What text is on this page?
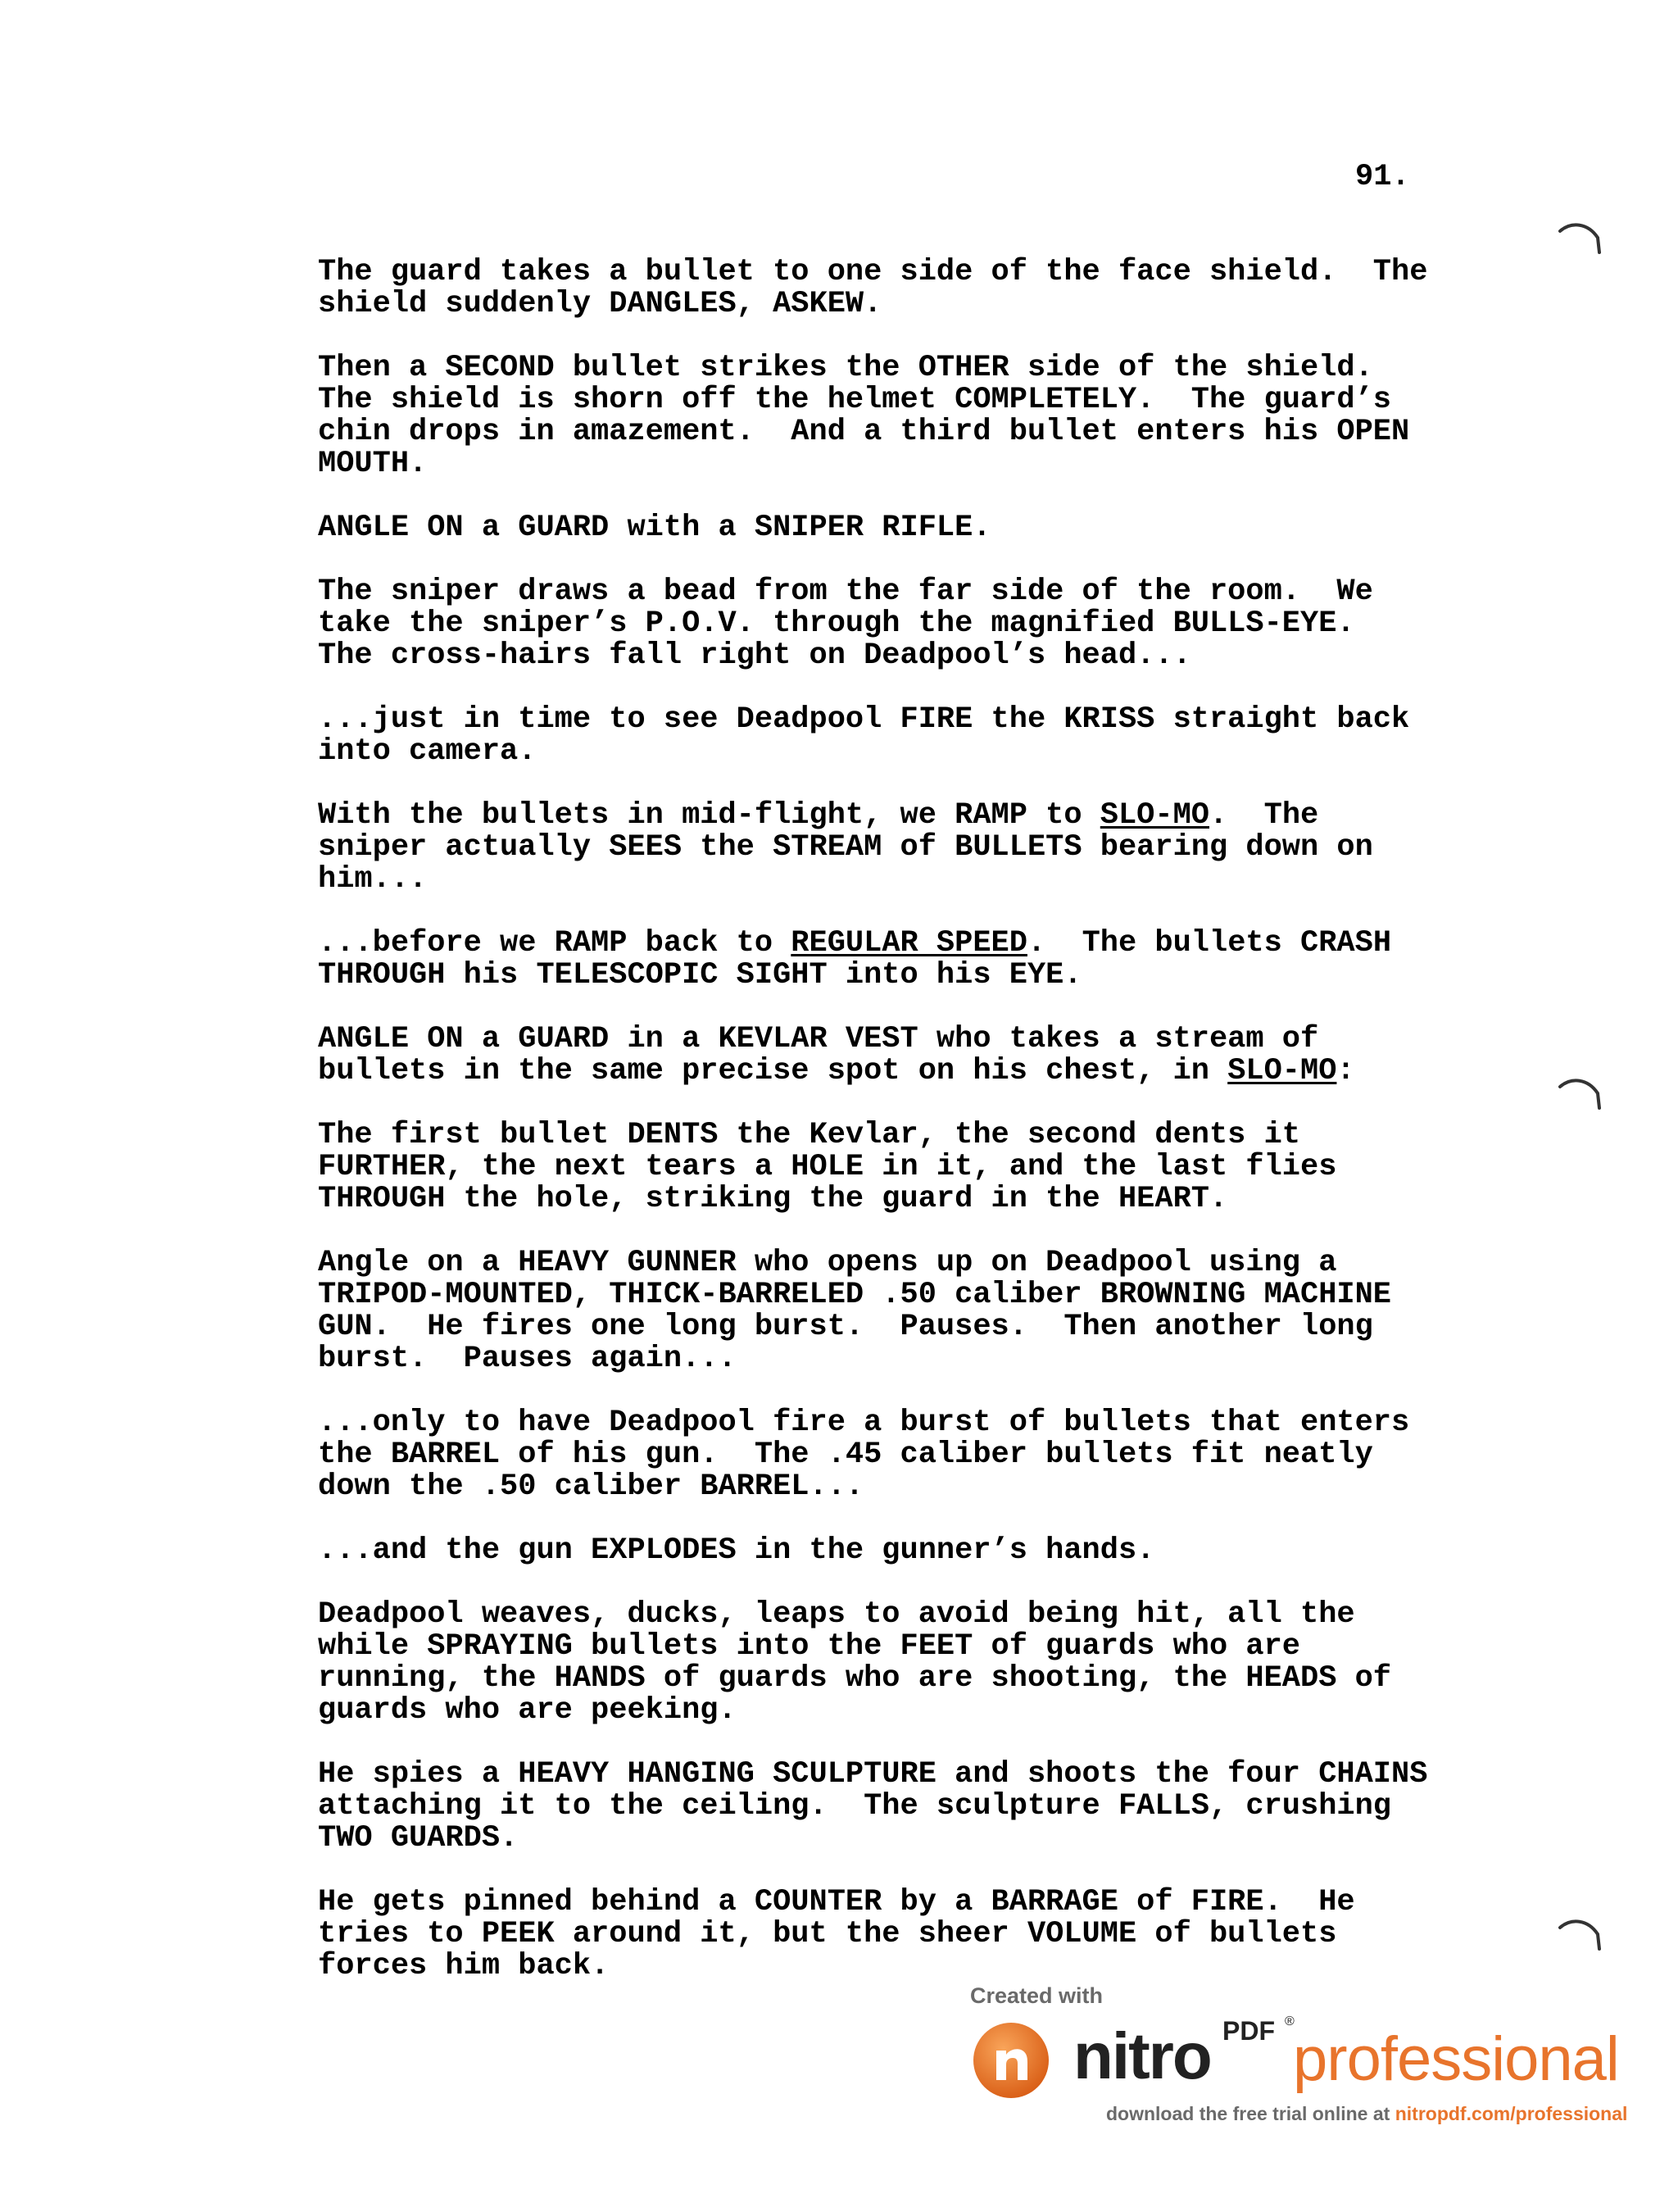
91.
The guard takes a bullet to one side of the face shield.  The
shield suddenly DANGLES, ASKEW.
Then a SECOND bullet strikes the OTHER side of the shield.
The shield is shorn off the helmet COMPLETELY.  The guard’s
chin drops in amazement.  And a third bullet enters his OPEN
MOUTH.
ANGLE ON a GUARD with a SNIPER RIFLE.
The sniper draws a bead from the far side of the room.  We
take the sniper’s P.O.V. through the magnified BULLS-EYE.
The cross-hairs fall right on Deadpool’s head...
...just in time to see Deadpool FIRE the KRISS straight back
into camera.
With the bullets in mid-flight, we RAMP to SLO-MO.  The
sniper actually SEES the STREAM of BULLETS bearing down on
him...
...before we RAMP back to REGULAR SPEED.  The bullets CRASH
THROUGH his TELESCOPIC SIGHT into his EYE.
ANGLE ON a GUARD in a KEVLAR VEST who takes a stream of
bullets in the same precise spot on his chest, in SLO-MO:
The first bullet DENTS the Kevlar, the second dents it
FURTHER, the next tears a HOLE in it, and the last flies
THROUGH the hole, striking the guard in the HEART.
Angle on a HEAVY GUNNER who opens up on Deadpool using a
TRIPOD-MOUNTED, THICK-BARRELED .50 caliber BROWNING MACHINE
GUN.  He fires one long burst.  Pauses.  Then another long
burst.  Pauses again...
...only to have Deadpool fire a burst of bullets that enters
the BARREL of his gun.  The .45 caliber bullets fit neatly
down the .50 caliber BARREL...
...and the gun EXPLODES in the gunner’s hands.
Deadpool weaves, ducks, leaps to avoid being hit, all the
while SPRAYING bullets into the FEET of guards who are
running, the HANDS of guards who are shooting, the HEADS of
guards who are peeking.
He spies a HEAVY HANGING SCULPTURE and shoots the four CHAINS
attaching it to the ceiling.  The sculpture FALLS, crushing
TWO GUARDS.
He gets pinned behind a COUNTER by a BARRAGE of FIRE.  He
tries to PEEK around it, but the sheer VOLUME of bullets
forces him back.
Created with
nitro PDF ®
professional
download the free trial online at nitropdf.com/professional
